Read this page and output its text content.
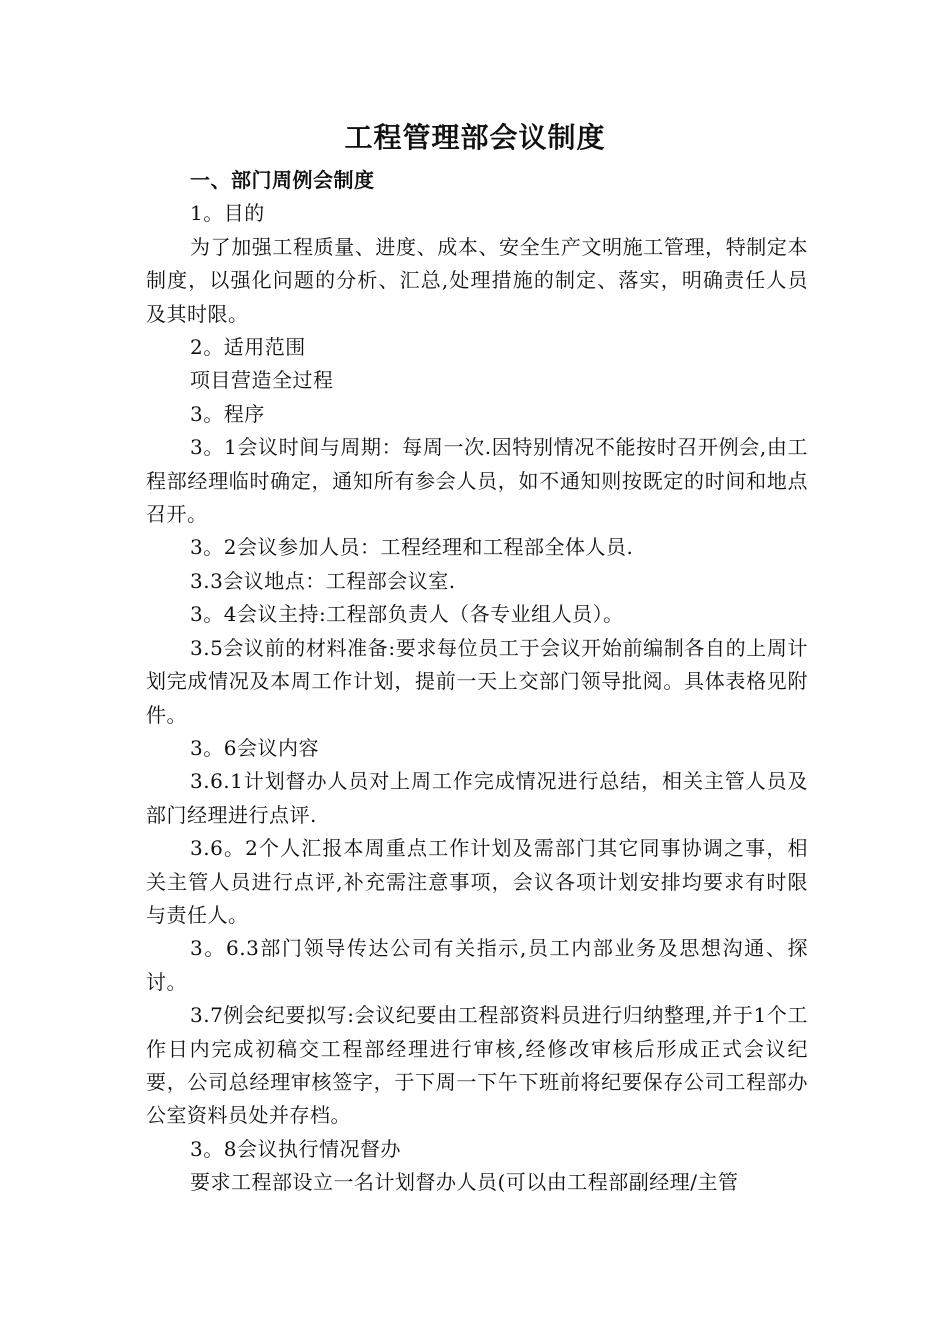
工程管理部会议制度

一、部门周例会制度

1。目的

为了加强工程质量、进度、成本、安全生产文明施工管理，特制定本制度，以强化问题的分析、汇总,处理措施的制定、落实，明确责任人员及其时限。

2。适用范围

项目营造全过程

3。程序

3。1会议时间与周期：每周一次.因特别情况不能按时召开例会,由工程部经理临时确定，通知所有参会人员，如不通知则按既定的时间和地点召开。

3。2会议参加人员：工程经理和工程部全体人员.

3.3会议地点：工程部会议室.

3。4会议主持:工程部负责人（各专业组人员）。

3.5会议前的材料准备:要求每位员工于会议开始前编制各自的上周计划完成情况及本周工作计划，提前一天上交部门领导批阅。具体表格见附件。

3。6会议内容

3.6.1计划督办人员对上周工作完成情况进行总结，相关主管人员及部门经理进行点评.

3.6。2个人汇报本周重点工作计划及需部门其它同事协调之事，相关主管人员进行点评,补充需注意事项，会议各项计划安排均要求有时限与责任人。

3。6.3部门领导传达公司有关指示,员工内部业务及思想沟通、探讨。

3.7例会纪要拟写:会议纪要由工程部资料员进行归纳整理,并于1个工作日内完成初稿交工程部经理进行审核,经修改审核后形成正式会议纪要，公司总经理审核签字，于下周一下午下班前将纪要保存公司工程部办公室资料员处并存档。

3。8会议执行情况督办

要求工程部设立一名计划督办人员(可以由工程部副经理/主管
